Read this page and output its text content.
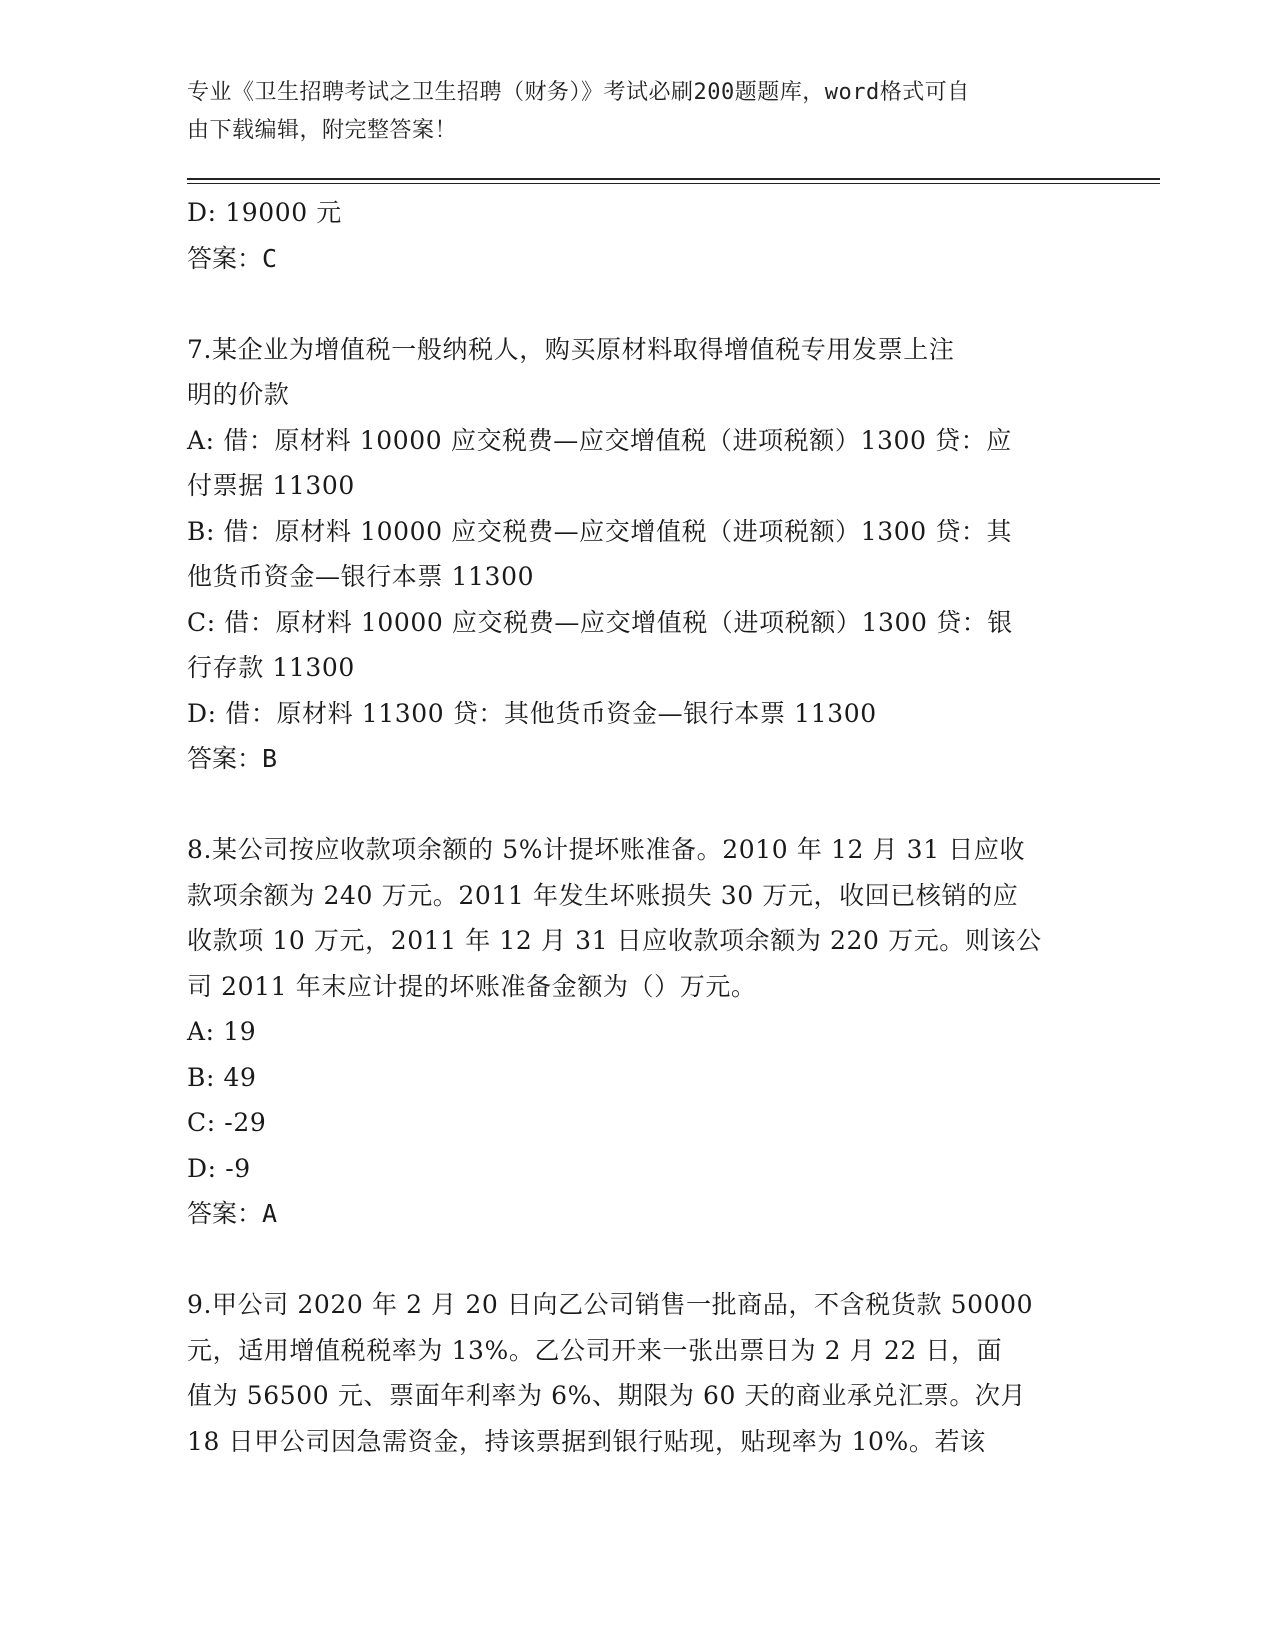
专业《卫生招聘考试之卫生招聘（财务）》考试必刷200题题库，word格式可自
由下载编辑，附完整答案！
D: 19000 元
答案：C
7.某企业为增值税一般纳税人，购买原材料取得增值税专用发票上注
明的价款
A: 借：原材料 10000 应交税费—应交增值税（进项税额）1300 贷：应
付票据 11300
B: 借：原材料 10000 应交税费—应交增值税（进项税额）1300 贷：其
他货币资金—银行本票 11300
C: 借：原材料 10000 应交税费—应交增值税（进项税额）1300 贷：银
行存款 11300
D: 借：原材料 11300 贷：其他货币资金—银行本票 11300
答案：B
8.某公司按应收款项余额的 5%计提坏账准备。2010 年 12 月 31 日应收
款项余额为 240 万元。2011 年发生坏账损失 30 万元，收回已核销的应
收款项 10 万元，2011 年 12 月 31 日应收款项余额为 220 万元。则该公
司 2011 年末应计提的坏账准备金额为（）万元。
A: 19
B: 49
C: -29
D: -9
答案：A
9.甲公司 2020 年 2 月 20 日向乙公司销售一批商品，不含税货款 50000
元，适用增值税税率为 13%。乙公司开来一张出票日为 2 月 22 日，面
值为 56500 元、票面年利率为 6%、期限为 60 天的商业承兑汇票。次月
18 日甲公司因急需资金，持该票据到银行贴现，贴现率为 10%。若该
